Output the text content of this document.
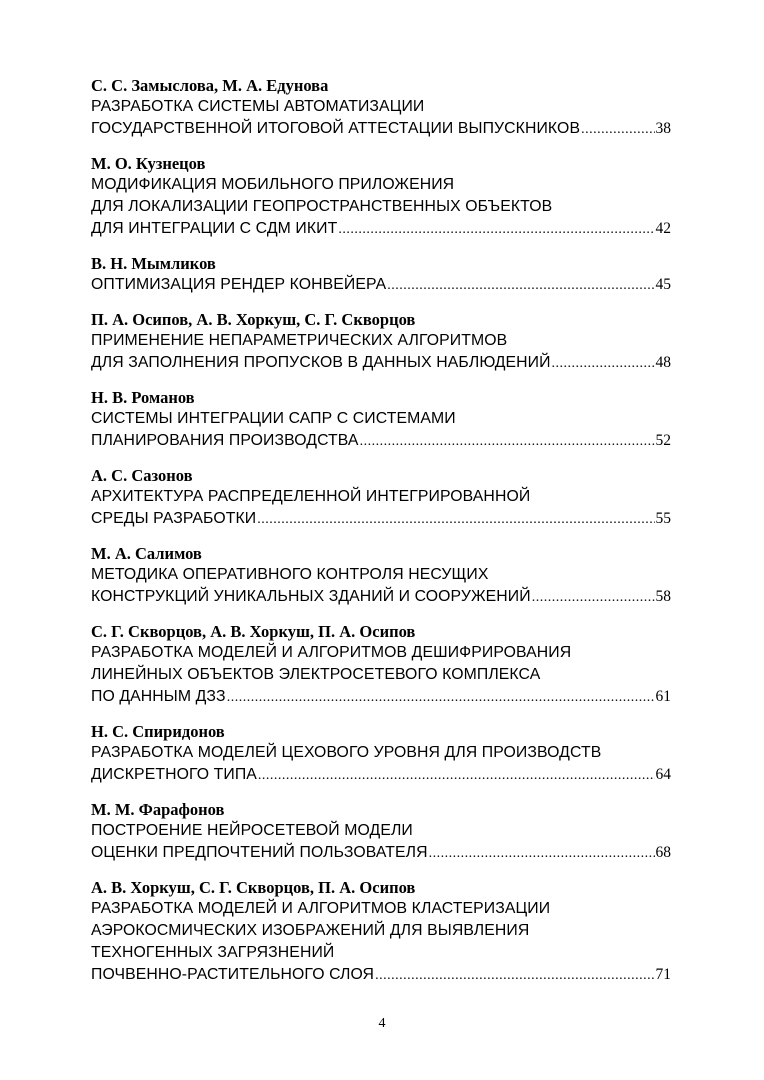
С. С. Замыслова, М. А. Едунова
РАЗРАБОТКА СИСТЕМЫ АВТОМАТИЗАЦИИ
ГОСУДАРСТВЕННОЙ ИТОГОВОЙ АТТЕСТАЦИИ ВЫПУСКНИКОВ .....	38
М. О. Кузнецов
МОДИФИКАЦИЯ МОБИЛЬНОГО ПРИЛОЖЕНИЯ
ДЛЯ ЛОКАЛИЗАЦИИ ГЕОПРОСТРАНСТВЕННЫХ ОБЪЕКТОВ
ДЛЯ ИНТЕГРАЦИИ С СДМ ИКИТ .....	42
В. Н. Мымликов
ОПТИМИЗАЦИЯ РЕНДЕР КОНВЕЙЕРА .....	45
П. А. Осипов, А. В. Хоркуш, С. Г. Скворцов
ПРИМЕНЕНИЕ НЕПАРАМЕТРИЧЕСКИХ АЛГОРИТМОВ
ДЛЯ ЗАПОЛНЕНИЯ ПРОПУСКОВ В ДАННЫХ НАБЛЮДЕНИЙ .....	48
Н. В. Романов
СИСТЕМЫ ИНТЕГРАЦИИ САПР С СИСТЕМАМИ
ПЛАНИРОВАНИЯ ПРОИЗВОДСТВА .....	52
А. С. Сазонов
АРХИТЕКТУРА РАСПРЕДЕЛЕННОЙ ИНТЕГРИРОВАННОЙ
СРЕДЫ РАЗРАБОТКИ .....	55
М. А. Салимов
МЕТОДИКА ОПЕРАТИВНОГО КОНТРОЛЯ НЕСУЩИХ
КОНСТРУКЦИЙ УНИКАЛЬНЫХ ЗДАНИЙ И СООРУЖЕНИЙ .....	58
С. Г. Скворцов, А. В. Хоркуш, П. А. Осипов
РАЗРАБОТКА МОДЕЛЕЙ И АЛГОРИТМОВ ДЕШИФРИРОВАНИЯ
ЛИНЕЙНЫХ ОБЪЕКТОВ ЭЛЕКТРОСЕТЕВОГО КОМПЛЕКСА
ПО ДАННЫМ ДЗЗ .....	61
Н. С. Спиридонов
РАЗРАБОТКА МОДЕЛЕЙ ЦЕХОВОГО УРОВНЯ ДЛЯ ПРОИЗВОДСТВ
ДИСКРЕТНОГО ТИПА .....	64
М. М. Фарафонов
ПОСТРОЕНИЕ НЕЙРОСЕТЕВОЙ МОДЕЛИ
ОЦЕНКИ ПРЕДПОЧТЕНИЙ ПОЛЬЗОВАТЕЛЯ .....	68
А. В. Хоркуш, С. Г. Скворцов, П. А. Осипов
РАЗРАБОТКА МОДЕЛЕЙ И АЛГОРИТМОВ КЛАСТЕРИЗАЦИИ
АЭРОКОСМИЧЕСКИХ ИЗОБРАЖЕНИЙ ДЛЯ ВЫЯВЛЕНИЯ
ТЕХНОГЕННЫХ ЗАГРЯЗНЕНИЙ
ПОЧВЕННО-РАСТИТЕЛЬНОГО СЛОЯ .....	71
4
